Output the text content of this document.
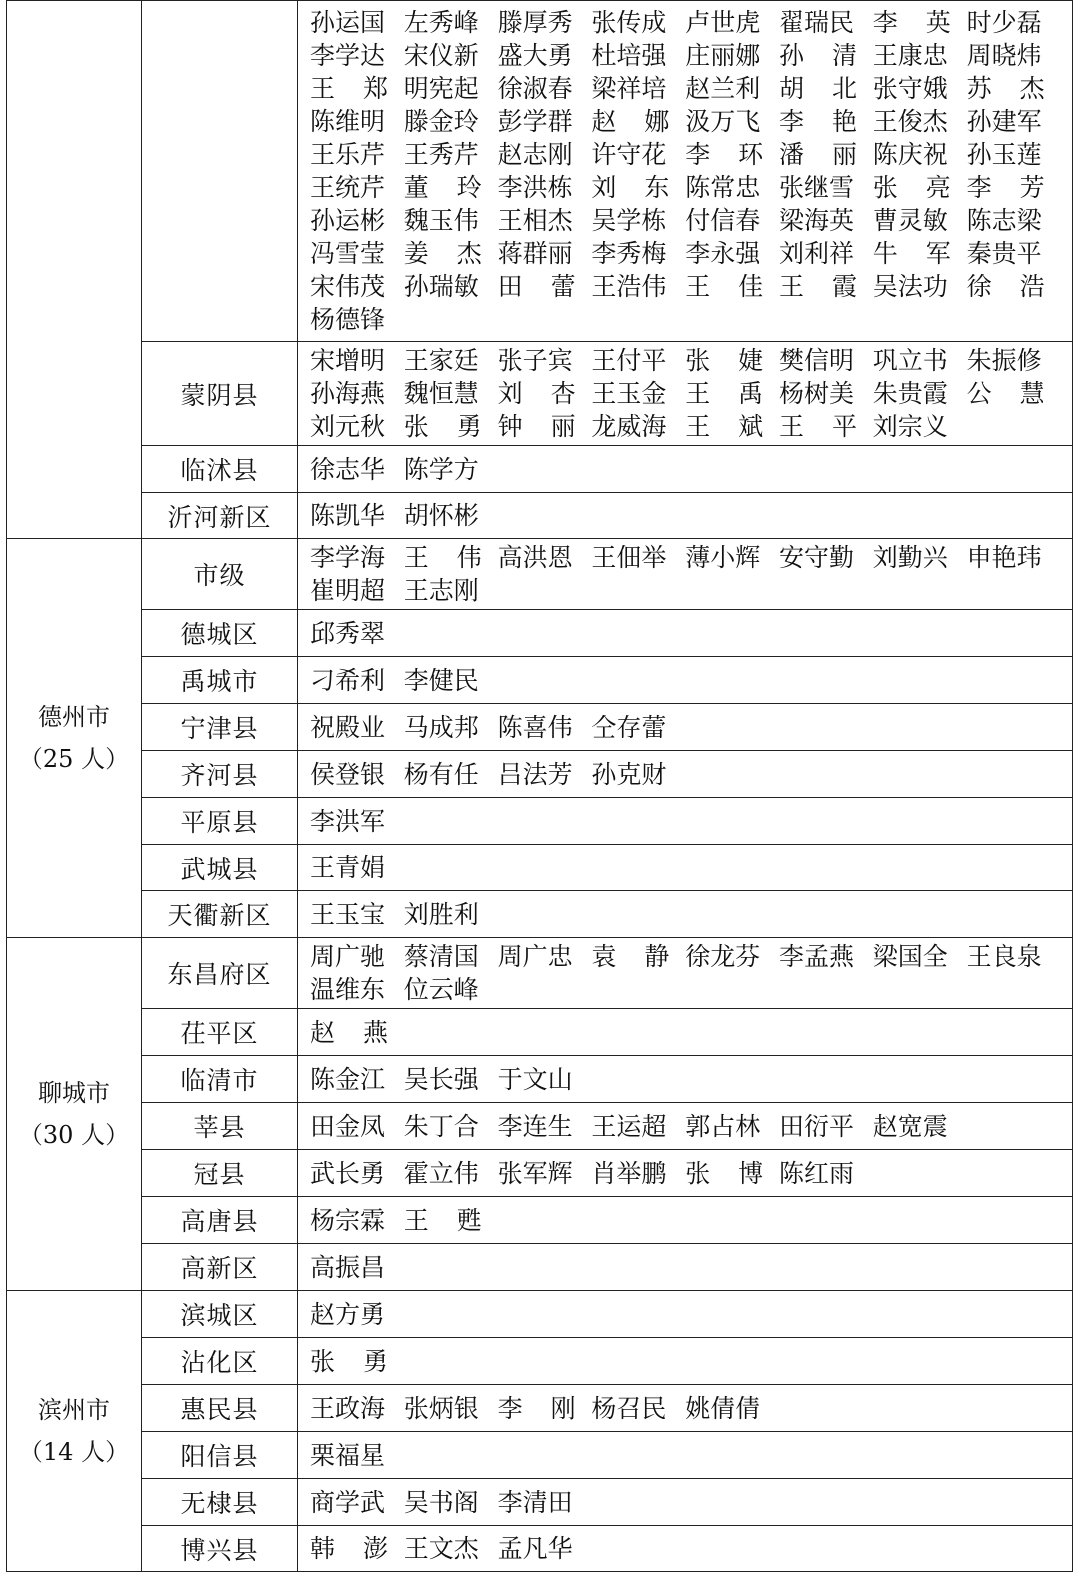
		孙运国 左秀峰 滕厚秀 张传成 卢世虎 翟瑞民 李 英 时少磊李学达 宋仪新 盛大勇 杜培强 庄丽娜 孙 清 王康忠 周晓炜王 郑 明宪起 徐淑春 梁祥培 赵兰利 胡 北 张守娥 苏 杰陈维明 滕金玲 彭学群 赵 娜 汲万飞 李 艳 王俊杰 孙建军王乐芹 王秀芹 赵志刚 许守花 李 环 潘 丽 陈庆祝 孙玉莲王统芹 董 玲 李洪栋 刘 东 陈常忠 张继雪 张 亮 李 芳孙运彬 魏玉伟 王相杰 吴学栋 付信春 梁海英 曹灵敏 陈志梁冯雪莹 姜 杰 蒋群丽 李秀梅 李永强 刘利祥 牛 军 秦贵平宋伟茂 孙瑞敏 田 蕾 王浩伟 王 佳 王 霞 吴法功 徐 浩杨德锋
	蒙阴县	宋增明 王家廷 张子宾 王付平 张 婕 樊信明 巩立书 朱振修孙海燕 魏恒慧 刘 杏 王玉金 王 禹 杨树美 朱贵霞 公 慧刘元秋 张 勇 钟 丽 龙威海 王 斌 王 平 刘宗义
	临沭县	徐志华 陈学方
	沂河新区	陈凯华 胡怀彬

德州市
（25 人）	市级	李学海 王 伟 高洪恩 王佃举 薄小辉 安守勤 刘勤兴 申艳玮崔明超 王志刚
	德城区	邱秀翠
	禹城市	刁希利 李健民
	宁津县	祝殿业 马成邦 陈喜伟 仝存蕾
	齐河县	侯登银 杨有任 吕法芳 孙克财
	平原县	李洪军
	武城县	王青娟
	天衢新区	王玉宝 刘胜利

聊城市
（30 人）	东昌府区	周广驰 蔡清国 周广忠 袁 静 徐龙芬 李孟燕 梁国全 王良泉温维东 位云峰
	茌平区	赵 燕
	临清市	陈金江 吴长强 于文山
	莘县	田金凤 朱丁合 李连生 王运超 郭占林 田衍平 赵宽震
	冠县	武长勇 霍立伟 张军辉 肖举鹏 张 博 陈红雨
	高唐县	杨宗霖 王 甦
	高新区	高振昌

滨州市
（14 人）	滨城区	赵方勇
	沾化区	张 勇
	惠民县	王政海 张炳银 李 刚 杨召民 姚倩倩
	阳信县	栗福星
	无棣县	商学武 吴书阁 李清田
	博兴县	韩 澎 王文杰 孟凡华
